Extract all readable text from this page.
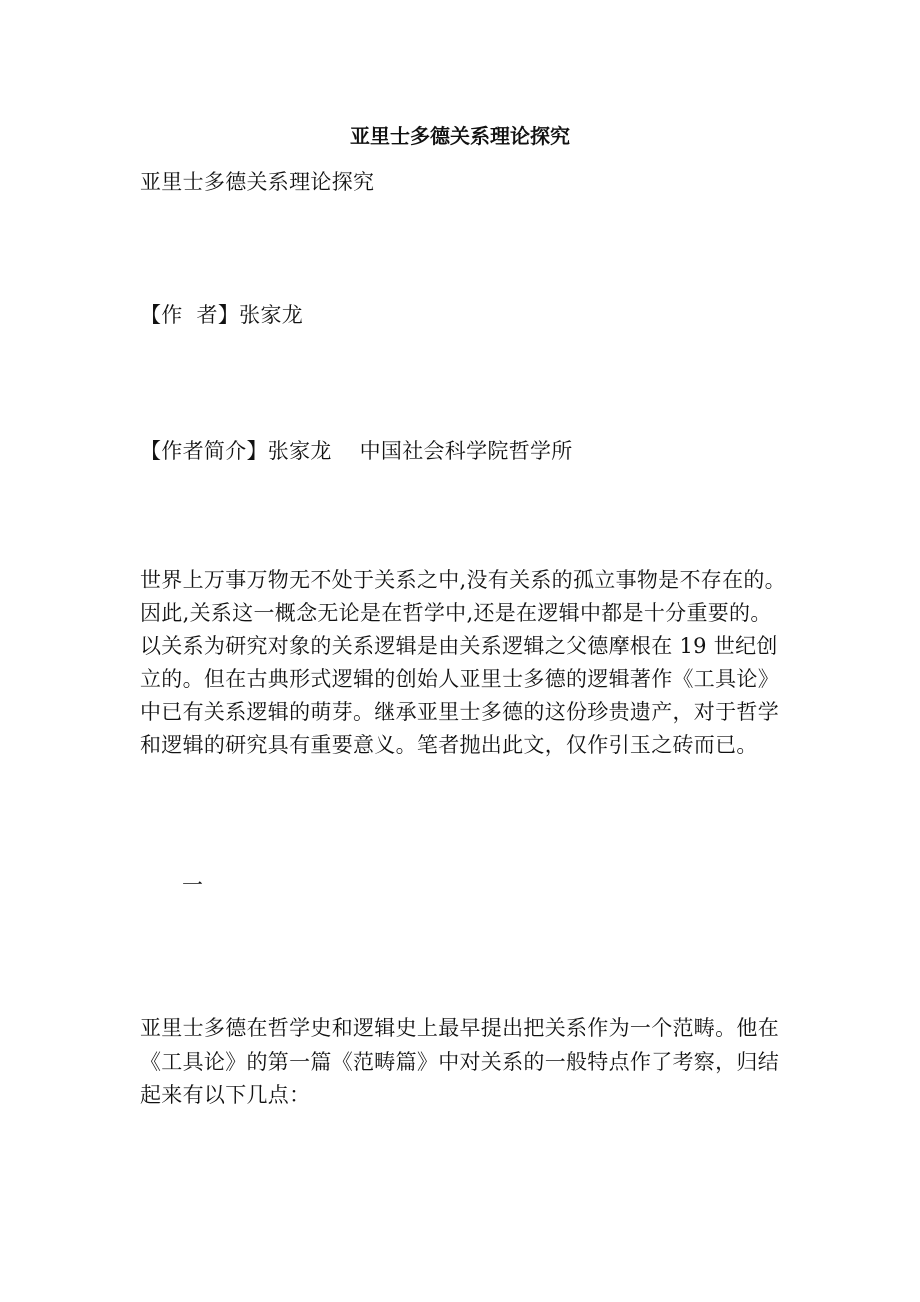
亚里士多德关系理论探究
亚里士多德关系理论探究
【作  者】张家龙
【作者简介】张家龙    中国社会科学院哲学所
世界上万事万物无不处于关系之中,没有关系的孤立事物是不存在的。
因此,关系这一概念无论是在哲学中,还是在逻辑中都是十分重要的。
以关系为研究对象的关系逻辑是由关系逻辑之父德摩根在 19 世纪创
立的。但在古典形式逻辑的创始人亚里士多德的逻辑著作《工具论》
中已有关系逻辑的萌芽。继承亚里士多德的这份珍贵遗产，对于哲学
和逻辑的研究具有重要意义。笔者抛出此文，仅作引玉之砖而已。
一
亚里士多德在哲学史和逻辑史上最早提出把关系作为一个范畴。他在
《工具论》的第一篇《范畴篇》中对关系的一般特点作了考察，归结
起来有以下几点：
